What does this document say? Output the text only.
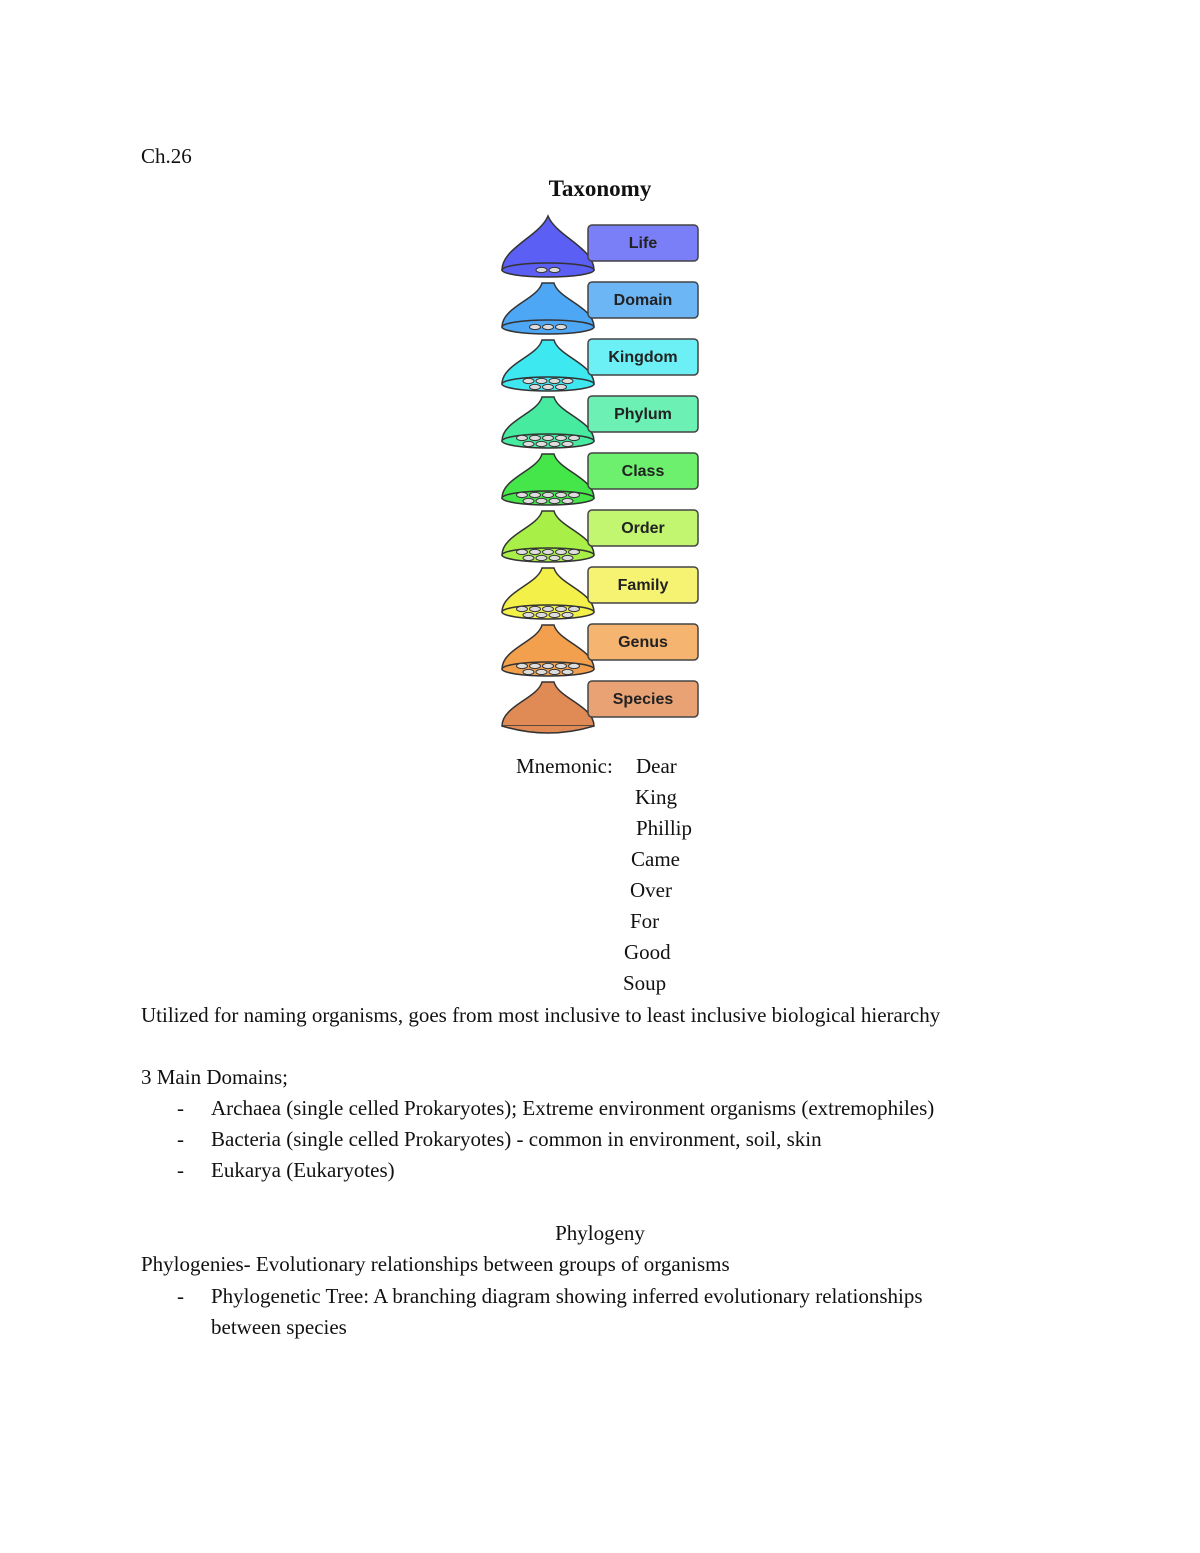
Ch.26
Taxonomy
Life
Domain
Kingdom
Phylum
Class
Order
Family
Genus
Species
Mnemonic: Dear
King
Phillip
Came
Over
For
Good
Soup
Utilized for naming organisms, goes from most inclusive to least inclusive biological hierarchy
3 Main Domains;
- Archaea (single celled Prokaryotes); Extreme environment organisms (extremophiles)
- Bacteria (single celled Prokaryotes) - common in environment, soil, skin
- Eukarya (Eukaryotes)
Phylogeny
Phylogenies- Evolutionary relationships between groups of organisms
- Phylogenetic Tree: A branching diagram showing inferred evolutionary relationships
between species
